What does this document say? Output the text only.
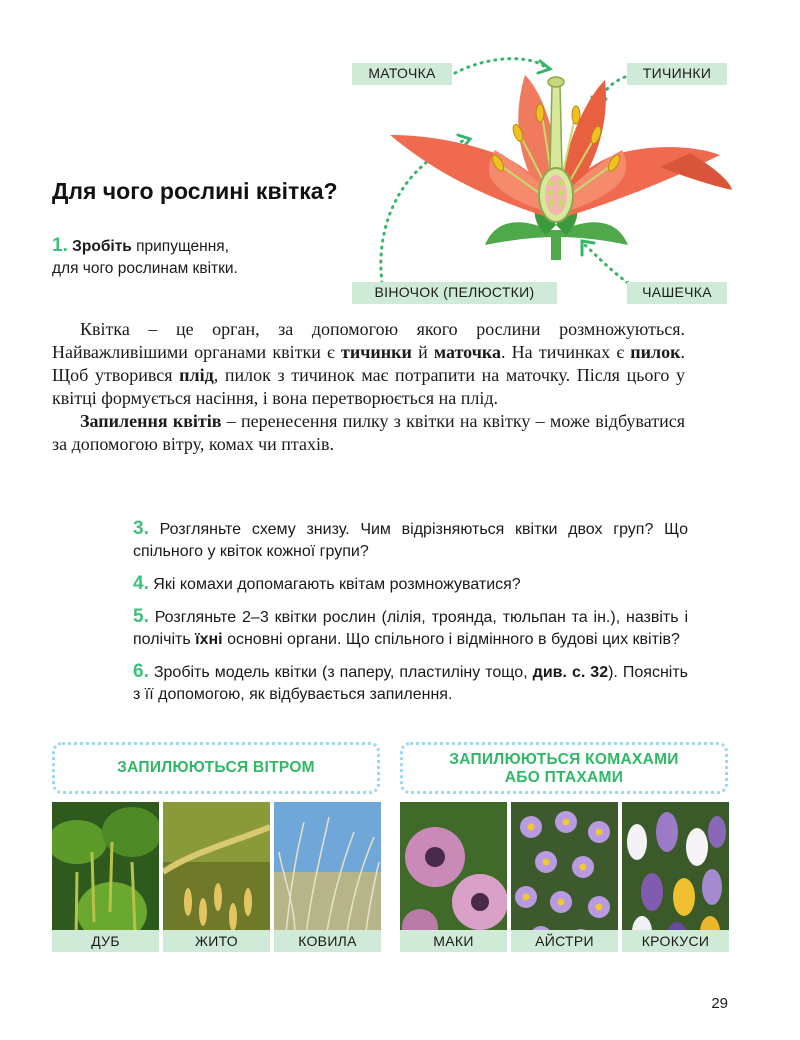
МАТОЧКА	ТИЧИНКИ
ВІНОЧОК (ПЕЛЮСТКИ)	ЧАШЕЧКА
Для чого рослині квітка?
1. Зробіть припущення,
для чого рослинам квітки.

Квітка – це орган, за допомогою якого рослини розмножуються. Найважливішими органами квітки є тичинки й маточка. На тичинках є пилок. Щоб утворився плід, пилок з тичинок має потрапити на маточку. Після цього у квітці формується насіння, і вона перетворюється на плід.

Запилення квітів – перенесення пилку з квітки на квітку – може відбуватися за допомогою вітру, комах чи птахів.

3. Розгляньте схему знизу. Чим відрізняються квітки двох груп? Що спільного у квіток кожної групи?

4. Які комахи допомагають квітам розмножуватися?

5. Розгляньте 2–3 квітки рослин (лілія, троянда, тюльпан та ін.), назвіть і полічіть їхні основні органи. Що спільного і відмінного в будові цих квітів?

6. Зробіть модель квітки (з паперу, пластиліну тощо, див. с. 32). Поясніть з її допомогою, як відбувається запилення.

ЗАПИЛЮЮТЬСЯ ВІТРОМ	ЗАПИЛЮЮТЬСЯ КОМАХАМИ
АБО ПТАХАМИ
ДУБ	ЖИТО	КОВИЛА	МАКИ	АЙСТРИ	КРОКУСИ
29
